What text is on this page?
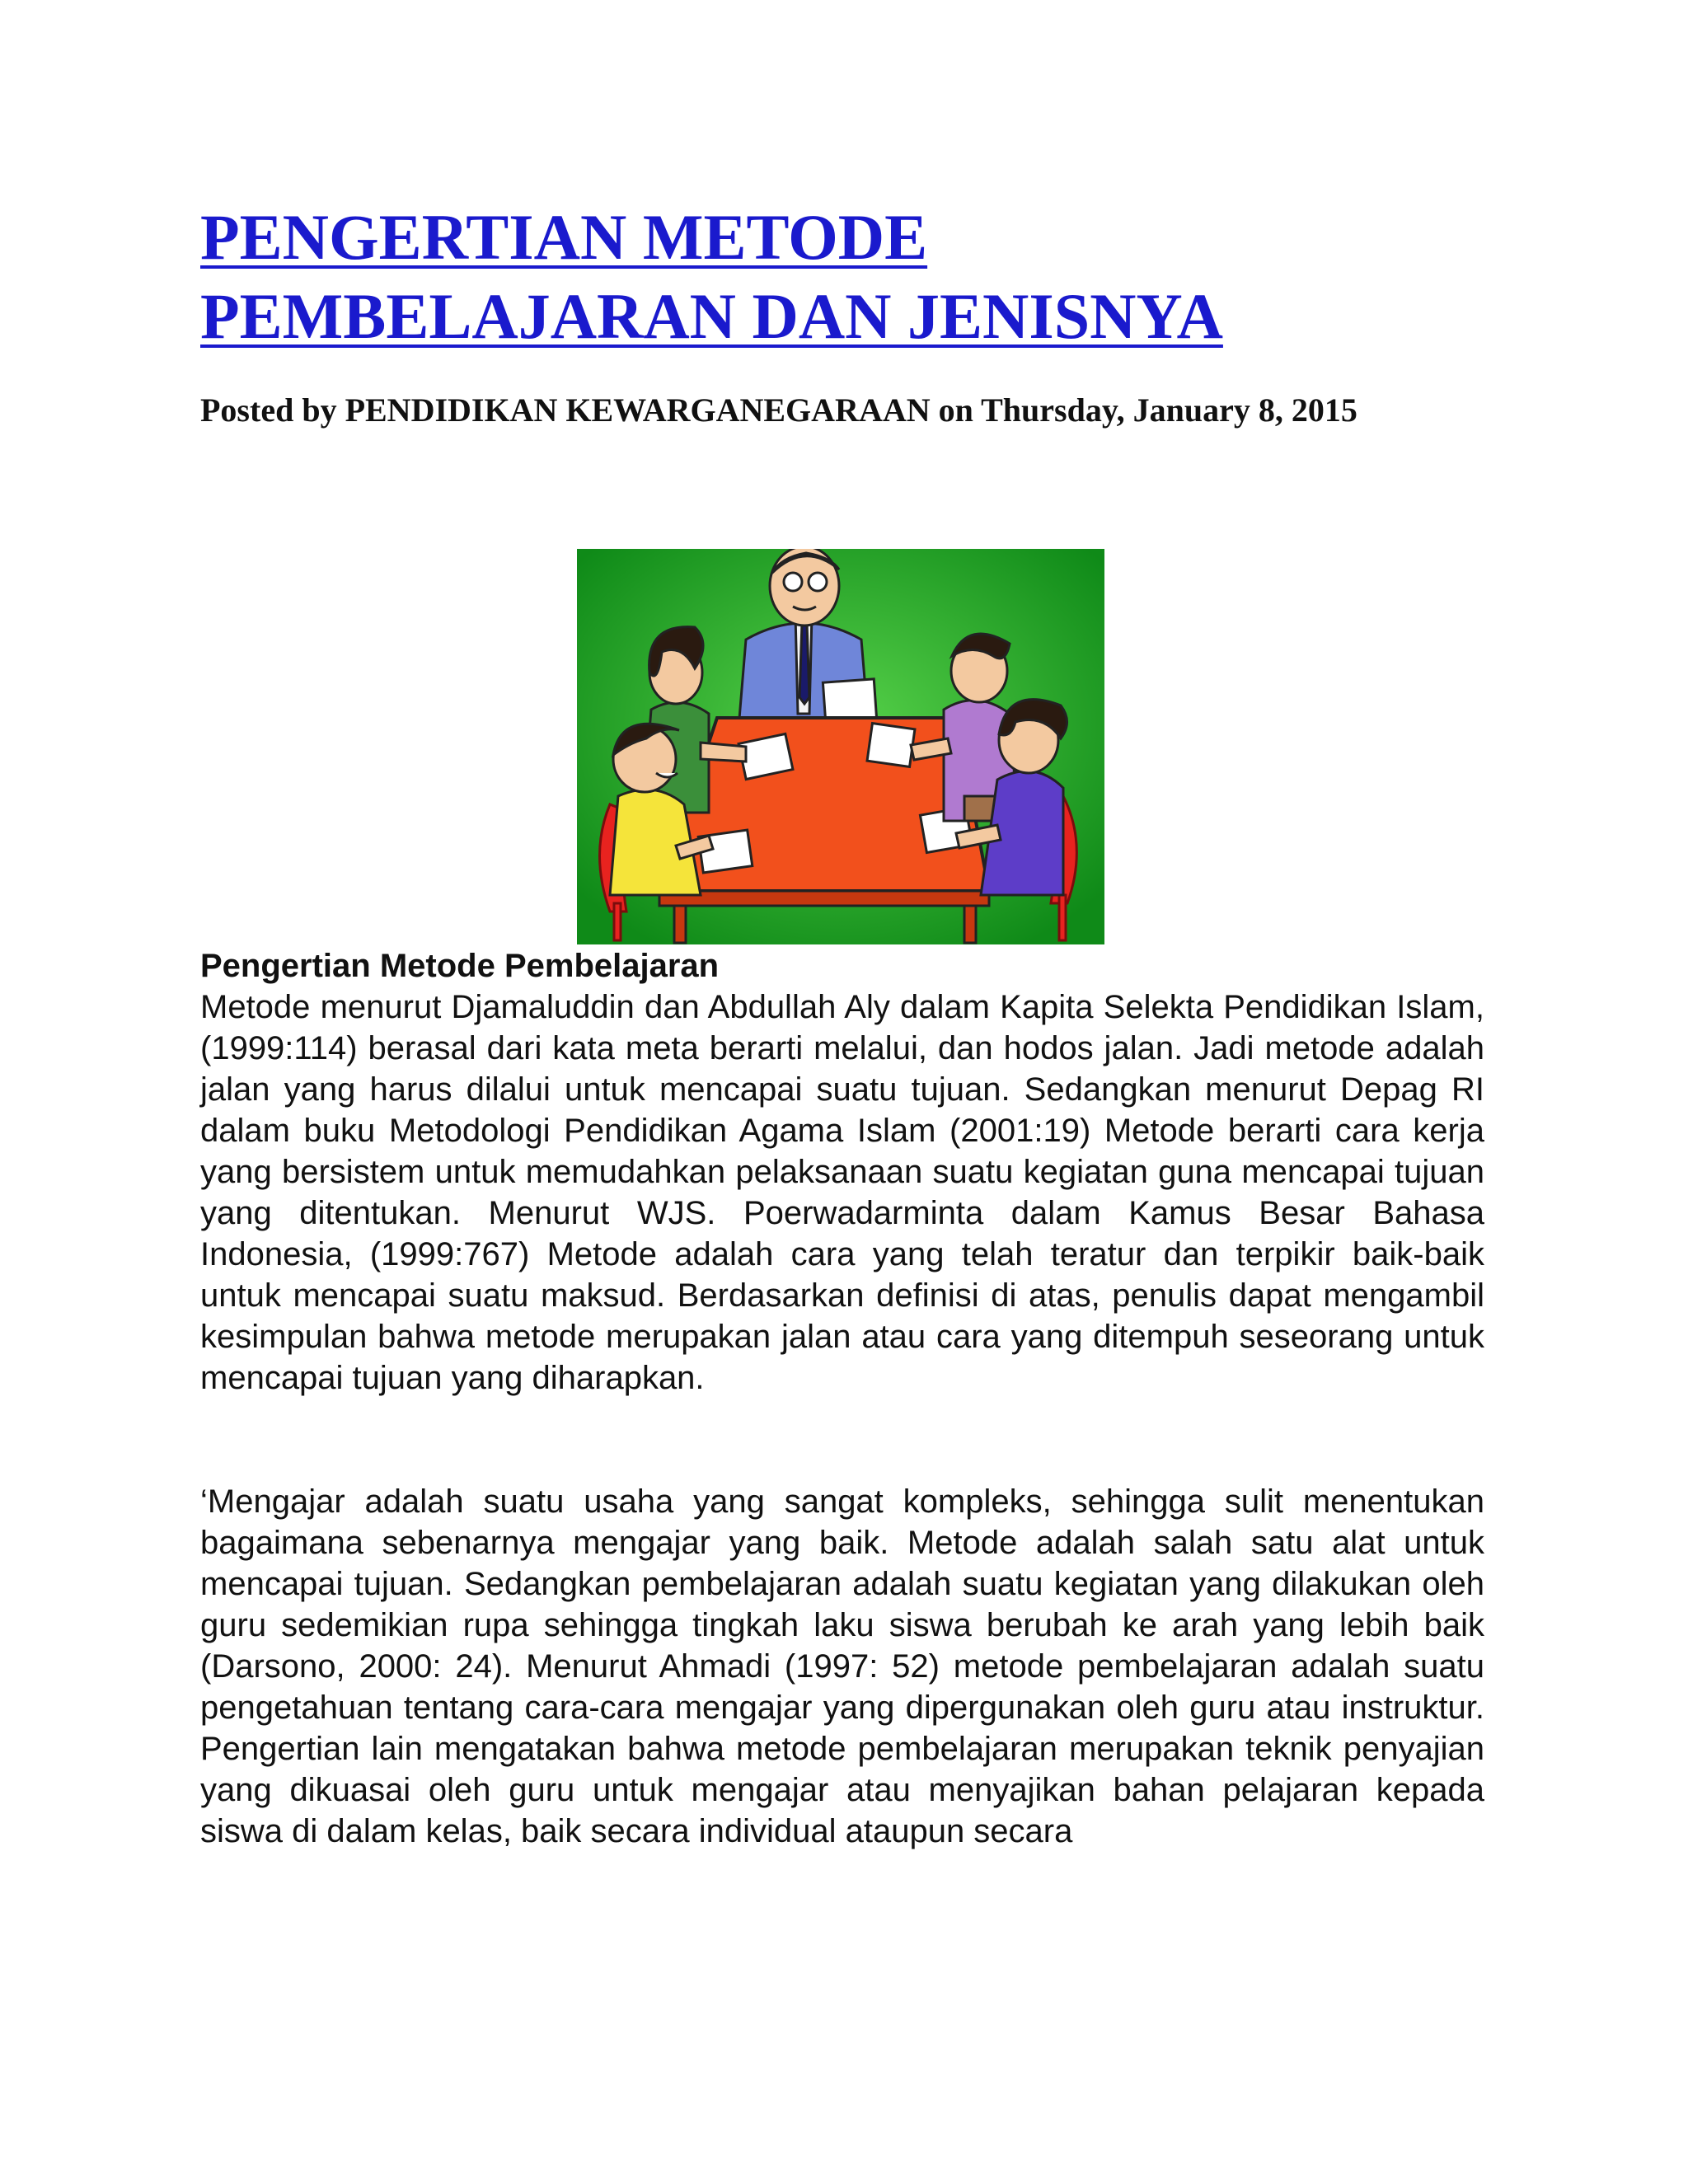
PENGERTIAN METODE
PEMBELAJARAN DAN JENISNYA

Posted by PENDIDIKAN KEWARGANEGARAAN on Thursday, January 8, 2015

Pengertian Metode Pembelajaran

Metode menurut Djamaluddin dan Abdullah Aly dalam Kapita Selekta Pendidikan Islam, (1999:114) berasal dari kata meta berarti melalui, dan hodos jalan. Jadi metode adalah jalan yang harus dilalui untuk mencapai suatu tujuan. Sedangkan menurut Depag RI dalam buku Metodologi Pendidikan Agama Islam (2001:19) Metode berarti cara kerja yang bersistem untuk memudahkan pelaksanaan suatu kegiatan guna mencapai tujuan yang ditentukan. Menurut WJS. Poerwadarminta dalam Kamus Besar Bahasa Indonesia, (1999:767) Metode adalah cara yang telah teratur dan terpikir baik-baik untuk mencapai suatu maksud. Berdasarkan definisi di atas, penulis dapat mengambil kesimpulan bahwa metode merupakan jalan atau cara yang ditempuh seseorang untuk mencapai tujuan yang diharapkan.

‘Mengajar adalah suatu usaha yang sangat kompleks, sehingga sulit menentukan bagaimana sebenarnya mengajar yang baik. Metode adalah salah satu alat untuk mencapai tujuan. Sedangkan pembelajaran adalah suatu kegiatan yang dilakukan oleh guru sedemikian rupa sehingga tingkah laku siswa berubah ke arah yang lebih baik (Darsono, 2000: 24). Menurut Ahmadi (1997: 52) metode pembelajaran adalah suatu pengetahuan tentang cara-cara mengajar yang dipergunakan oleh guru atau instruktur. Pengertian lain mengatakan bahwa metode pembelajaran merupakan teknik penyajian yang dikuasai oleh guru untuk mengajar atau menyajikan bahan pelajaran kepada siswa di dalam kelas, baik secara individual ataupun secara
